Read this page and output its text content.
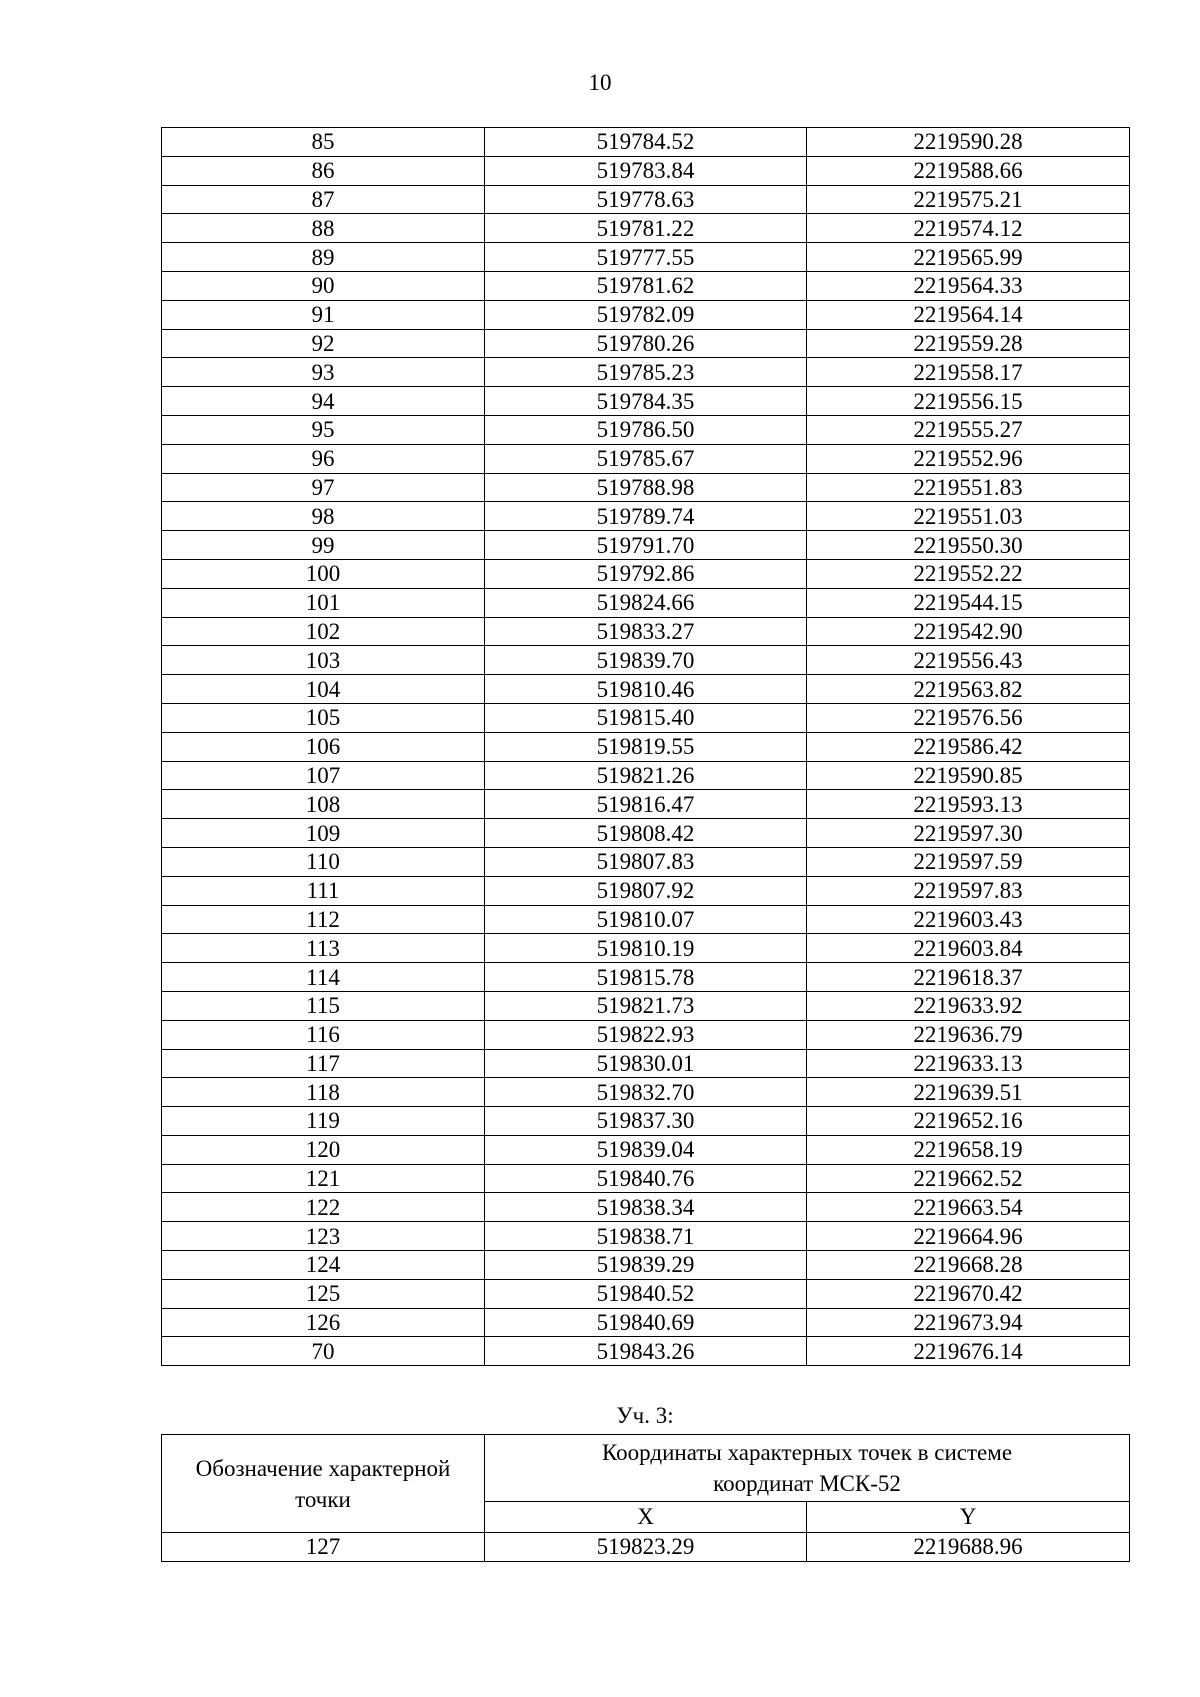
10
85	519784.52	2219590.28
86	519783.84	2219588.66
87	519778.63	2219575.21
88	519781.22	2219574.12
89	519777.55	2219565.99
90	519781.62	2219564.33
91	519782.09	2219564.14
92	519780.26	2219559.28
93	519785.23	2219558.17
94	519784.35	2219556.15
95	519786.50	2219555.27
96	519785.67	2219552.96
97	519788.98	2219551.83
98	519789.74	2219551.03
99	519791.70	2219550.30
100	519792.86	2219552.22
101	519824.66	2219544.15
102	519833.27	2219542.90
103	519839.70	2219556.43
104	519810.46	2219563.82
105	519815.40	2219576.56
106	519819.55	2219586.42
107	519821.26	2219590.85
108	519816.47	2219593.13
109	519808.42	2219597.30
110	519807.83	2219597.59
111	519807.92	2219597.83
112	519810.07	2219603.43
113	519810.19	2219603.84
114	519815.78	2219618.37
115	519821.73	2219633.92
116	519822.93	2219636.79
117	519830.01	2219633.13
118	519832.70	2219639.51
119	519837.30	2219652.16
120	519839.04	2219658.19
121	519840.76	2219662.52
122	519838.34	2219663.54
123	519838.71	2219664.96
124	519839.29	2219668.28
125	519840.52	2219670.42
126	519840.69	2219673.94
70	519843.26	2219676.14
Уч. 3:
Обозначение характерной точки	Координаты характерных точек в системе
координат МСК-52	

	X	Y
127	519823.29	2219688.96
